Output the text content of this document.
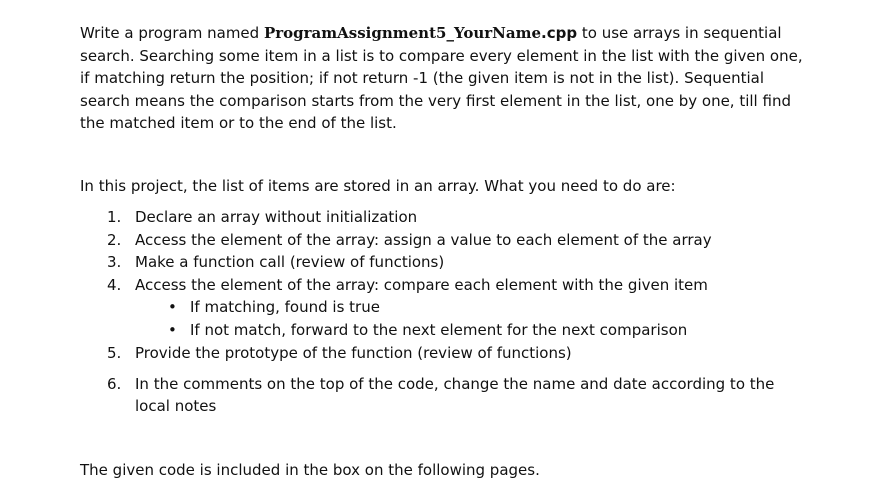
Write a program named ProgramAssignment5_YourName.cpp to use arrays in sequential search. Searching some item in a list is to compare every element in the list with the given one, if matching return the position; if not return -1 (the given item is not in the list). Sequential search means the comparison starts from the very first element in the list, one by one, till find the matched item or to the end of the list.

In this project, the list of items are stored in an array. What you need to do are:

1. Declare an array without initialization
2. Access the element of the array: assign a value to each element of the array
3. Make a function call (review of functions)
4. Access the element of the array: compare each element with the given item
• If matching, found is true
• If not match, forward to the next element for the next comparison
5. Provide the prototype of the function (review of functions)
6. In the comments on the top of the code, change the name and date according to the local notes

The given code is included in the box on the following pages.
